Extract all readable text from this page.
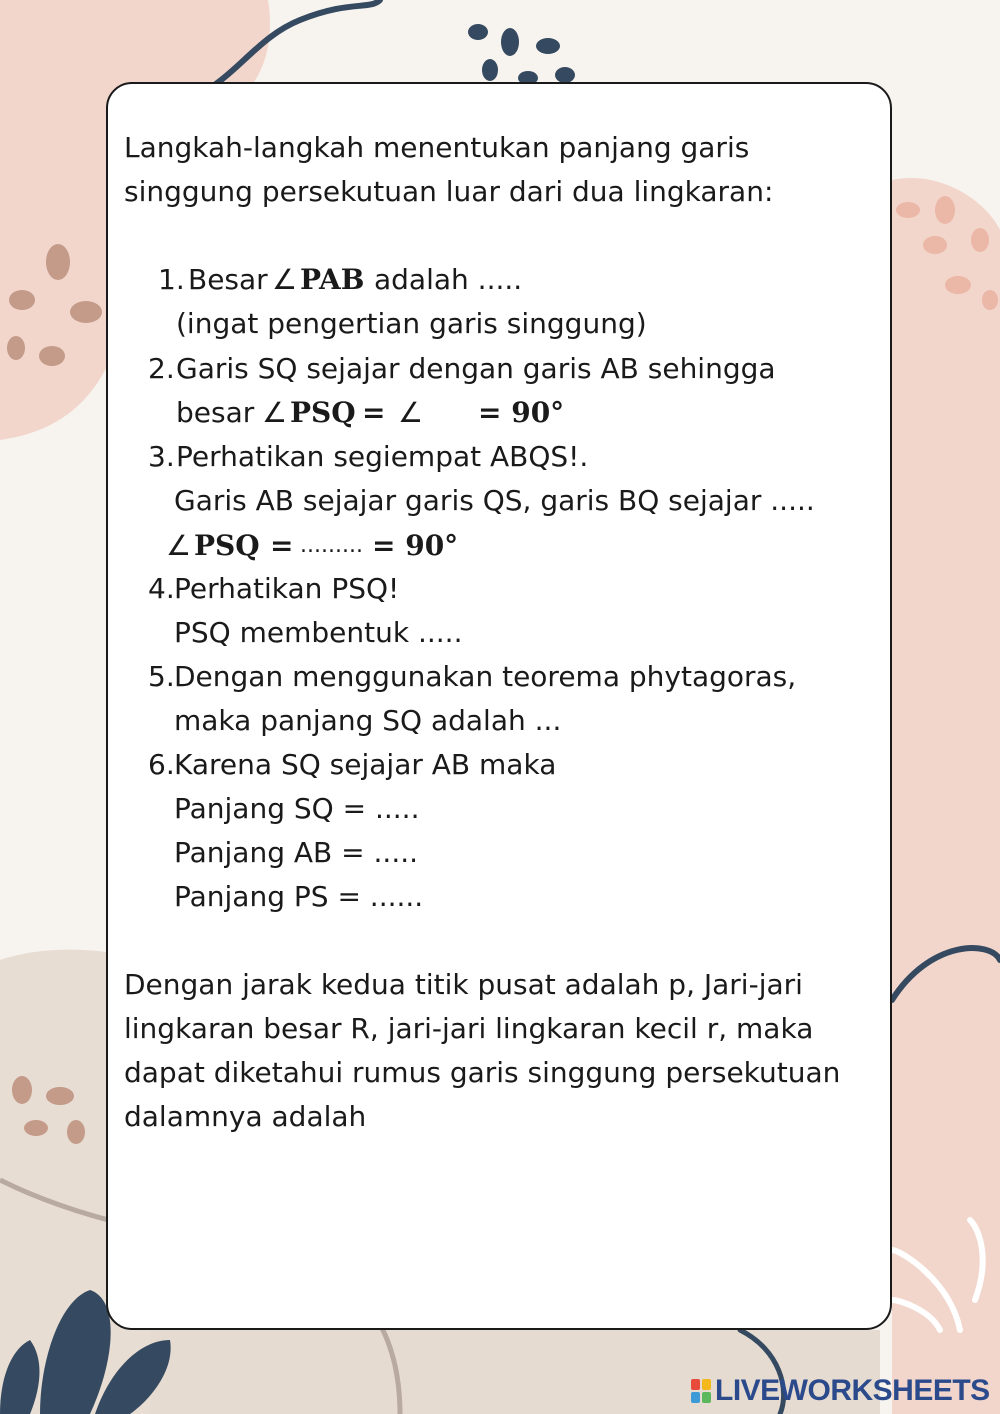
Langkah-langkah menentukan panjang garis
singgung persekutuan luar dari dua lingkaran:
1. Besar ∠ PAB adalah .....
(ingat pengertian garis singgung)
2. Garis SQ sejajar dengan garis AB sehingga
besar ∠ PSQ = ∠ = 90°
3. Perhatikan segiempat ABQS!.
Garis AB sejajar garis QS, garis BQ sejajar .....
∠ PSQ = ......... = 90°
4. Perhatikan PSQ!
PSQ membentuk .....
5. Dengan menggunakan teorema phytagoras,
maka panjang SQ adalah ...
6. Karena SQ sejajar AB maka
Panjang SQ = .....
Panjang AB = .....
Panjang PS = ......
Dengan jarak kedua titik pusat adalah p, Jari-jari
lingkaran besar R, jari-jari lingkaran kecil r, maka
dapat diketahui rumus garis singgung persekutuan
dalamnya adalah
LIVEWORKSHEETS
